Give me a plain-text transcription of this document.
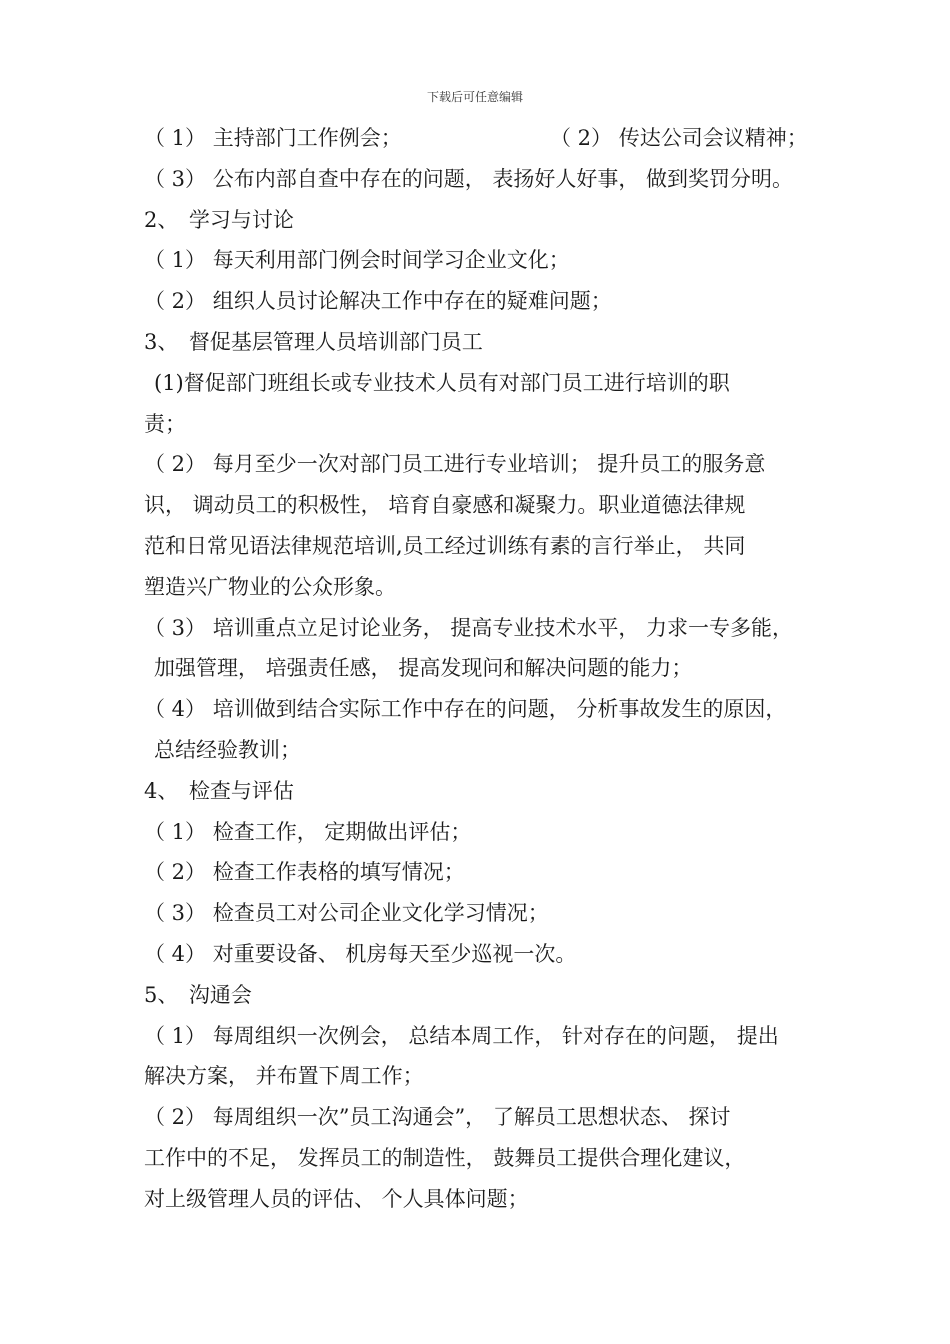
下载后可任意编辑
（ 1） 主持部门工作例会；	（ 2） 传达公司会议精神；
（ 3） 公布内部自查中存在的问题， 表扬好人好事， 做到奖罚分明。
2、　学习与讨论
（ 1） 每天利用部门例会时间学习企业文化；
（ 2） 组织人员讨论解决工作中存在的疑难问题；
3、　督促基层管理人员培训部门员工
(1)督促部门班组长或专业技术人员有对部门员工进行培训的职
责；
（ 2） 每月至少一次对部门员工进行专业培训； 提升员工的服务意
识， 调动员工的积极性， 培育自豪感和凝聚力。职业道德法律规
范和日常见语法律规范培训,员工经过训练有素的言行举止， 共同
塑造兴广物业的公众形象。
（ 3） 培训重点立足讨论业务， 提高专业技术水平， 力求一专多能，
加强管理， 培强责任感， 提高发现问和解决问题的能力；
（ 4） 培训做到结合实际工作中存在的问题， 分析事故发生的原因，
总结经验教训；
4、　检查与评估
（ 1） 检查工作， 定期做出评估；
（ 2） 检查工作表格的填写情况；
（ 3） 检查员工对公司企业文化学习情况；
（ 4） 对重要设备、 机房每天至少巡视一次。
5、　沟通会
（ 1） 每周组织一次例会， 总结本周工作， 针对存在的问题， 提出
解决方案， 并布置下周工作；
（ 2） 每周组织一次”员工沟通会”， 了解员工思想状态、 探讨
工作中的不足， 发挥员工的制造性， 鼓舞员工提供合理化建议，
对上级管理人员的评估、 个人具体问题；
